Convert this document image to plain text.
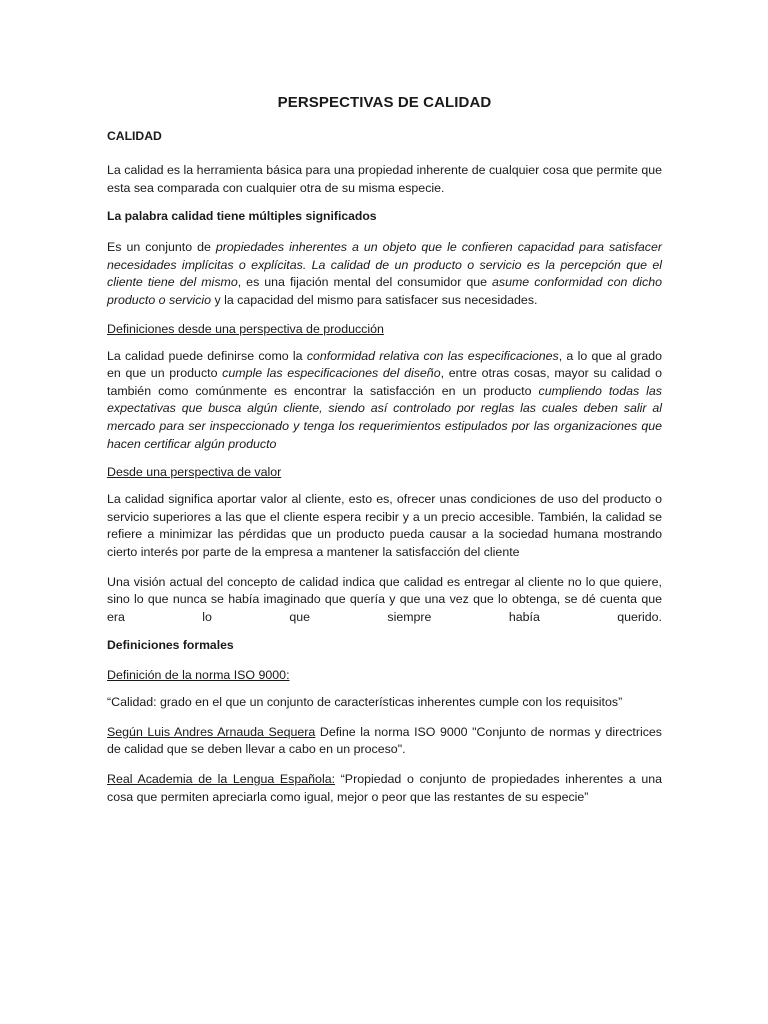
PERSPECTIVAS DE CALIDAD
CALIDAD

La calidad es la herramienta básica para una propiedad inherente de cualquier cosa que permite que esta sea comparada con cualquier otra de su misma especie.

La palabra calidad tiene múltiples significados

Es un conjunto de propiedades inherentes a un objeto que le confieren capacidad para satisfacer necesidades implícitas o explícitas. La calidad de un producto o servicio es la percepción que el cliente tiene del mismo, es una fijación mental del consumidor que asume conformidad con dicho producto o servicio y la capacidad del mismo para satisfacer sus necesidades.

Definiciones desde una perspectiva de producción

La calidad puede definirse como la conformidad relativa con las especificaciones, a lo que al grado en que un producto cumple las especificaciones del diseño, entre otras cosas, mayor su calidad o también como comúnmente es encontrar la satisfacción en un producto cumpliendo todas las expectativas que busca algún cliente, siendo así controlado por reglas las cuales deben salir al mercado para ser inspeccionado y tenga los requerimientos estipulados por las organizaciones que hacen certificar algún producto

Desde una perspectiva de valor

La calidad significa aportar valor al cliente, esto es, ofrecer unas condiciones de uso del producto o servicio superiores a las que el cliente espera recibir y a un precio accesible. También, la calidad se refiere a minimizar las pérdidas que un producto pueda causar a la sociedad humana mostrando cierto interés por parte de la empresa a mantener la satisfacción del cliente

Una visión actual del concepto de calidad indica que calidad es entregar al cliente no lo que quiere, sino lo que nunca se había imaginado que quería y que una vez que lo obtenga, se dé cuenta que era lo que siempre había querido.

Definiciones formales
Definición de la norma ISO 9000:

“Calidad: grado en el que un conjunto de características inherentes cumple con los requisitos”

Según Luis Andres Arnauda Sequera Define la norma ISO 9000 "Conjunto de normas y directrices de calidad que se deben llevar a cabo en un proceso".

Real Academia de la Lengua Española: “Propiedad o conjunto de propiedades inherentes a una cosa que permiten apreciarla como igual, mejor o peor que las restantes de su especie”
